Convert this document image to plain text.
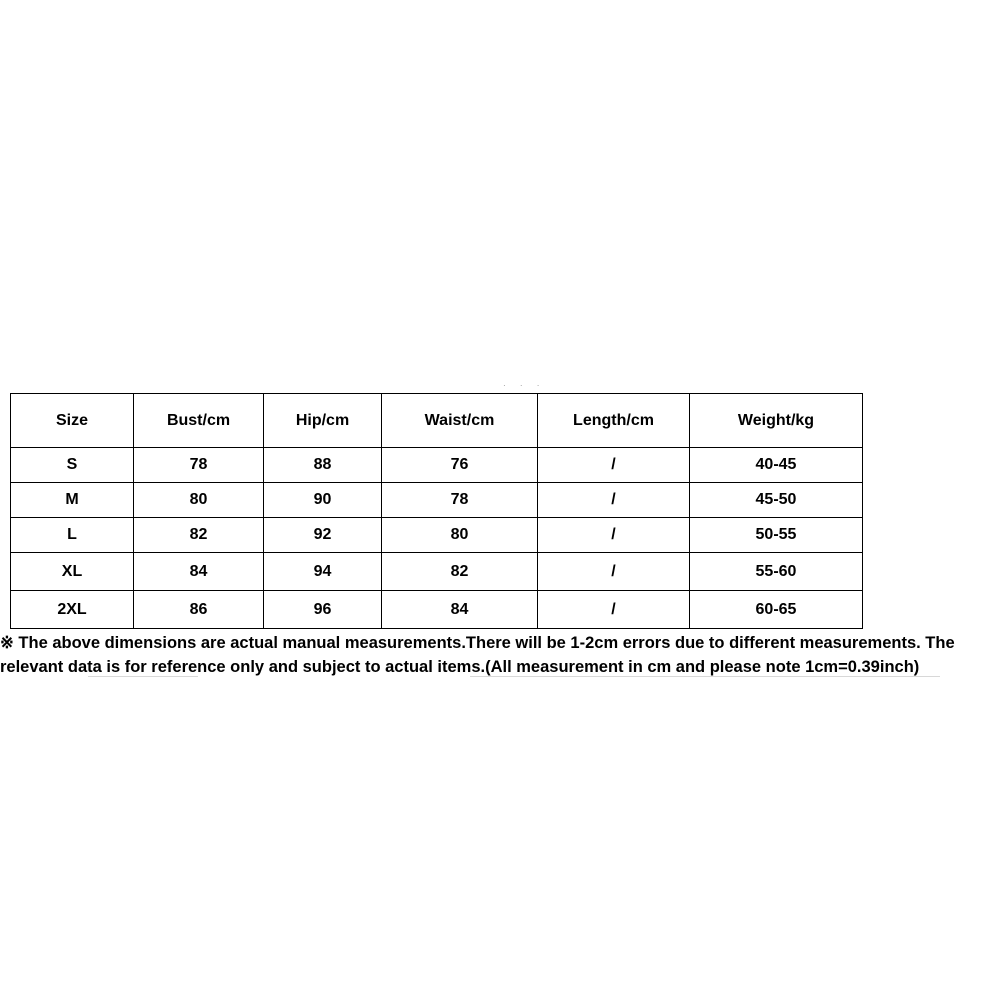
· · ·
Size	Bust/cm	Hip/cm	Waist/cm	Length/cm	Weight/kg
S	78	88	76	/	40-45
M	80	90	78	/	45-50
L	82	92	80	/	50-55
XL	84	94	82	/	55-60
2XL	86	96	84	/	60-65
※ The above dimensions are actual manual measurements.There will be 1-2cm errors due to different measurements. The
relevant data is for reference only and subject to actual items.(All measurement in cm and please note 1cm=0.39inch)
